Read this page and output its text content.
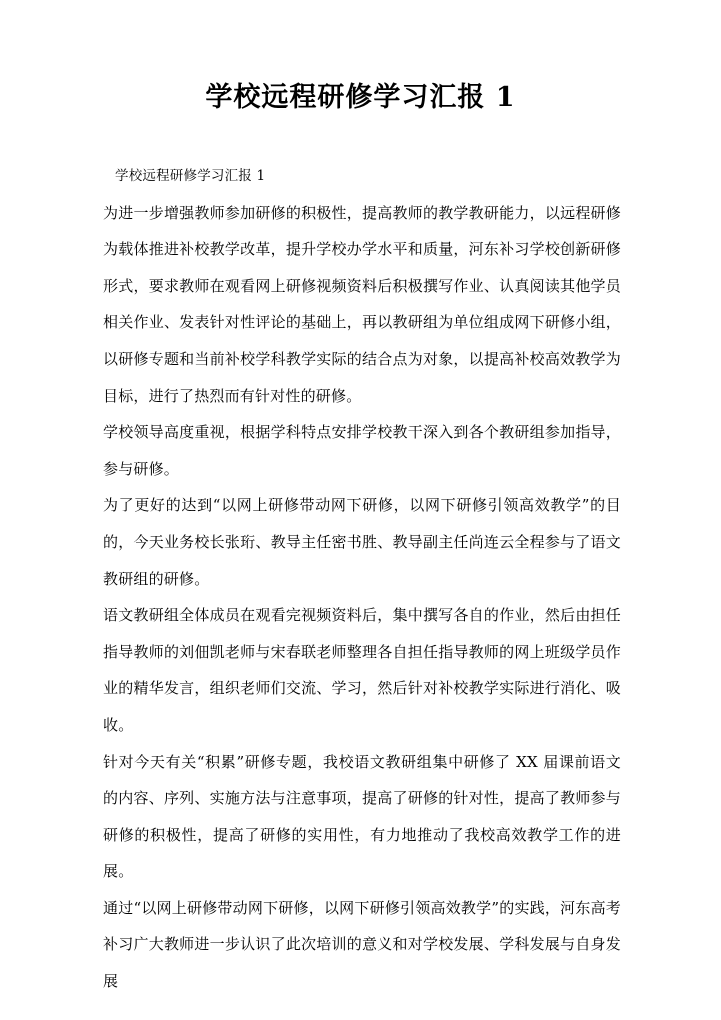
学校远程研修学习汇报 1

学校远程研修学习汇报 1

为进一步增强教师参加研修的积极性，提高教师的教学教研能力，以远程研修为载体推进补校教学改革，提升学校办学水平和质量，河东补习学校创新研修形式，要求教师在观看网上研修视频资料后积极撰写作业、认真阅读其他学员相关作业、发表针对性评论的基础上，再以教研组为单位组成网下研修小组，以研修专题和当前补校学科教学实际的结合点为对象，以提高补校高效教学为目标，进行了热烈而有针对性的研修。

学校领导高度重视，根据学科特点安排学校教干深入到各个教研组参加指导，参与研修。

为了更好的达到“以网上研修带动网下研修，以网下研修引领高效教学”的目的，今天业务校长张珩、教导主任密书胜、教导副主任尚连云全程参与了语文教研组的研修。

语文教研组全体成员在观看完视频资料后，集中撰写各自的作业，然后由担任指导教师的刘佃凯老师与宋春联老师整理各自担任指导教师的网上班级学员作业的精华发言，组织老师们交流、学习，然后针对补校教学实际进行消化、吸收。

针对今天有关“积累”研修专题，我校语文教研组集中研修了 XX 届课前语文的内容、序列、实施方法与注意事项，提高了研修的针对性，提高了教师参与研修的积极性，提高了研修的实用性，有力地推动了我校高效教学工作的进展。

通过“以网上研修带动网下研修，以网下研修引领高效教学”的实践，河东高考补习广大教师进一步认识了此次培训的意义和对学校发展、学科发展与自身发展
